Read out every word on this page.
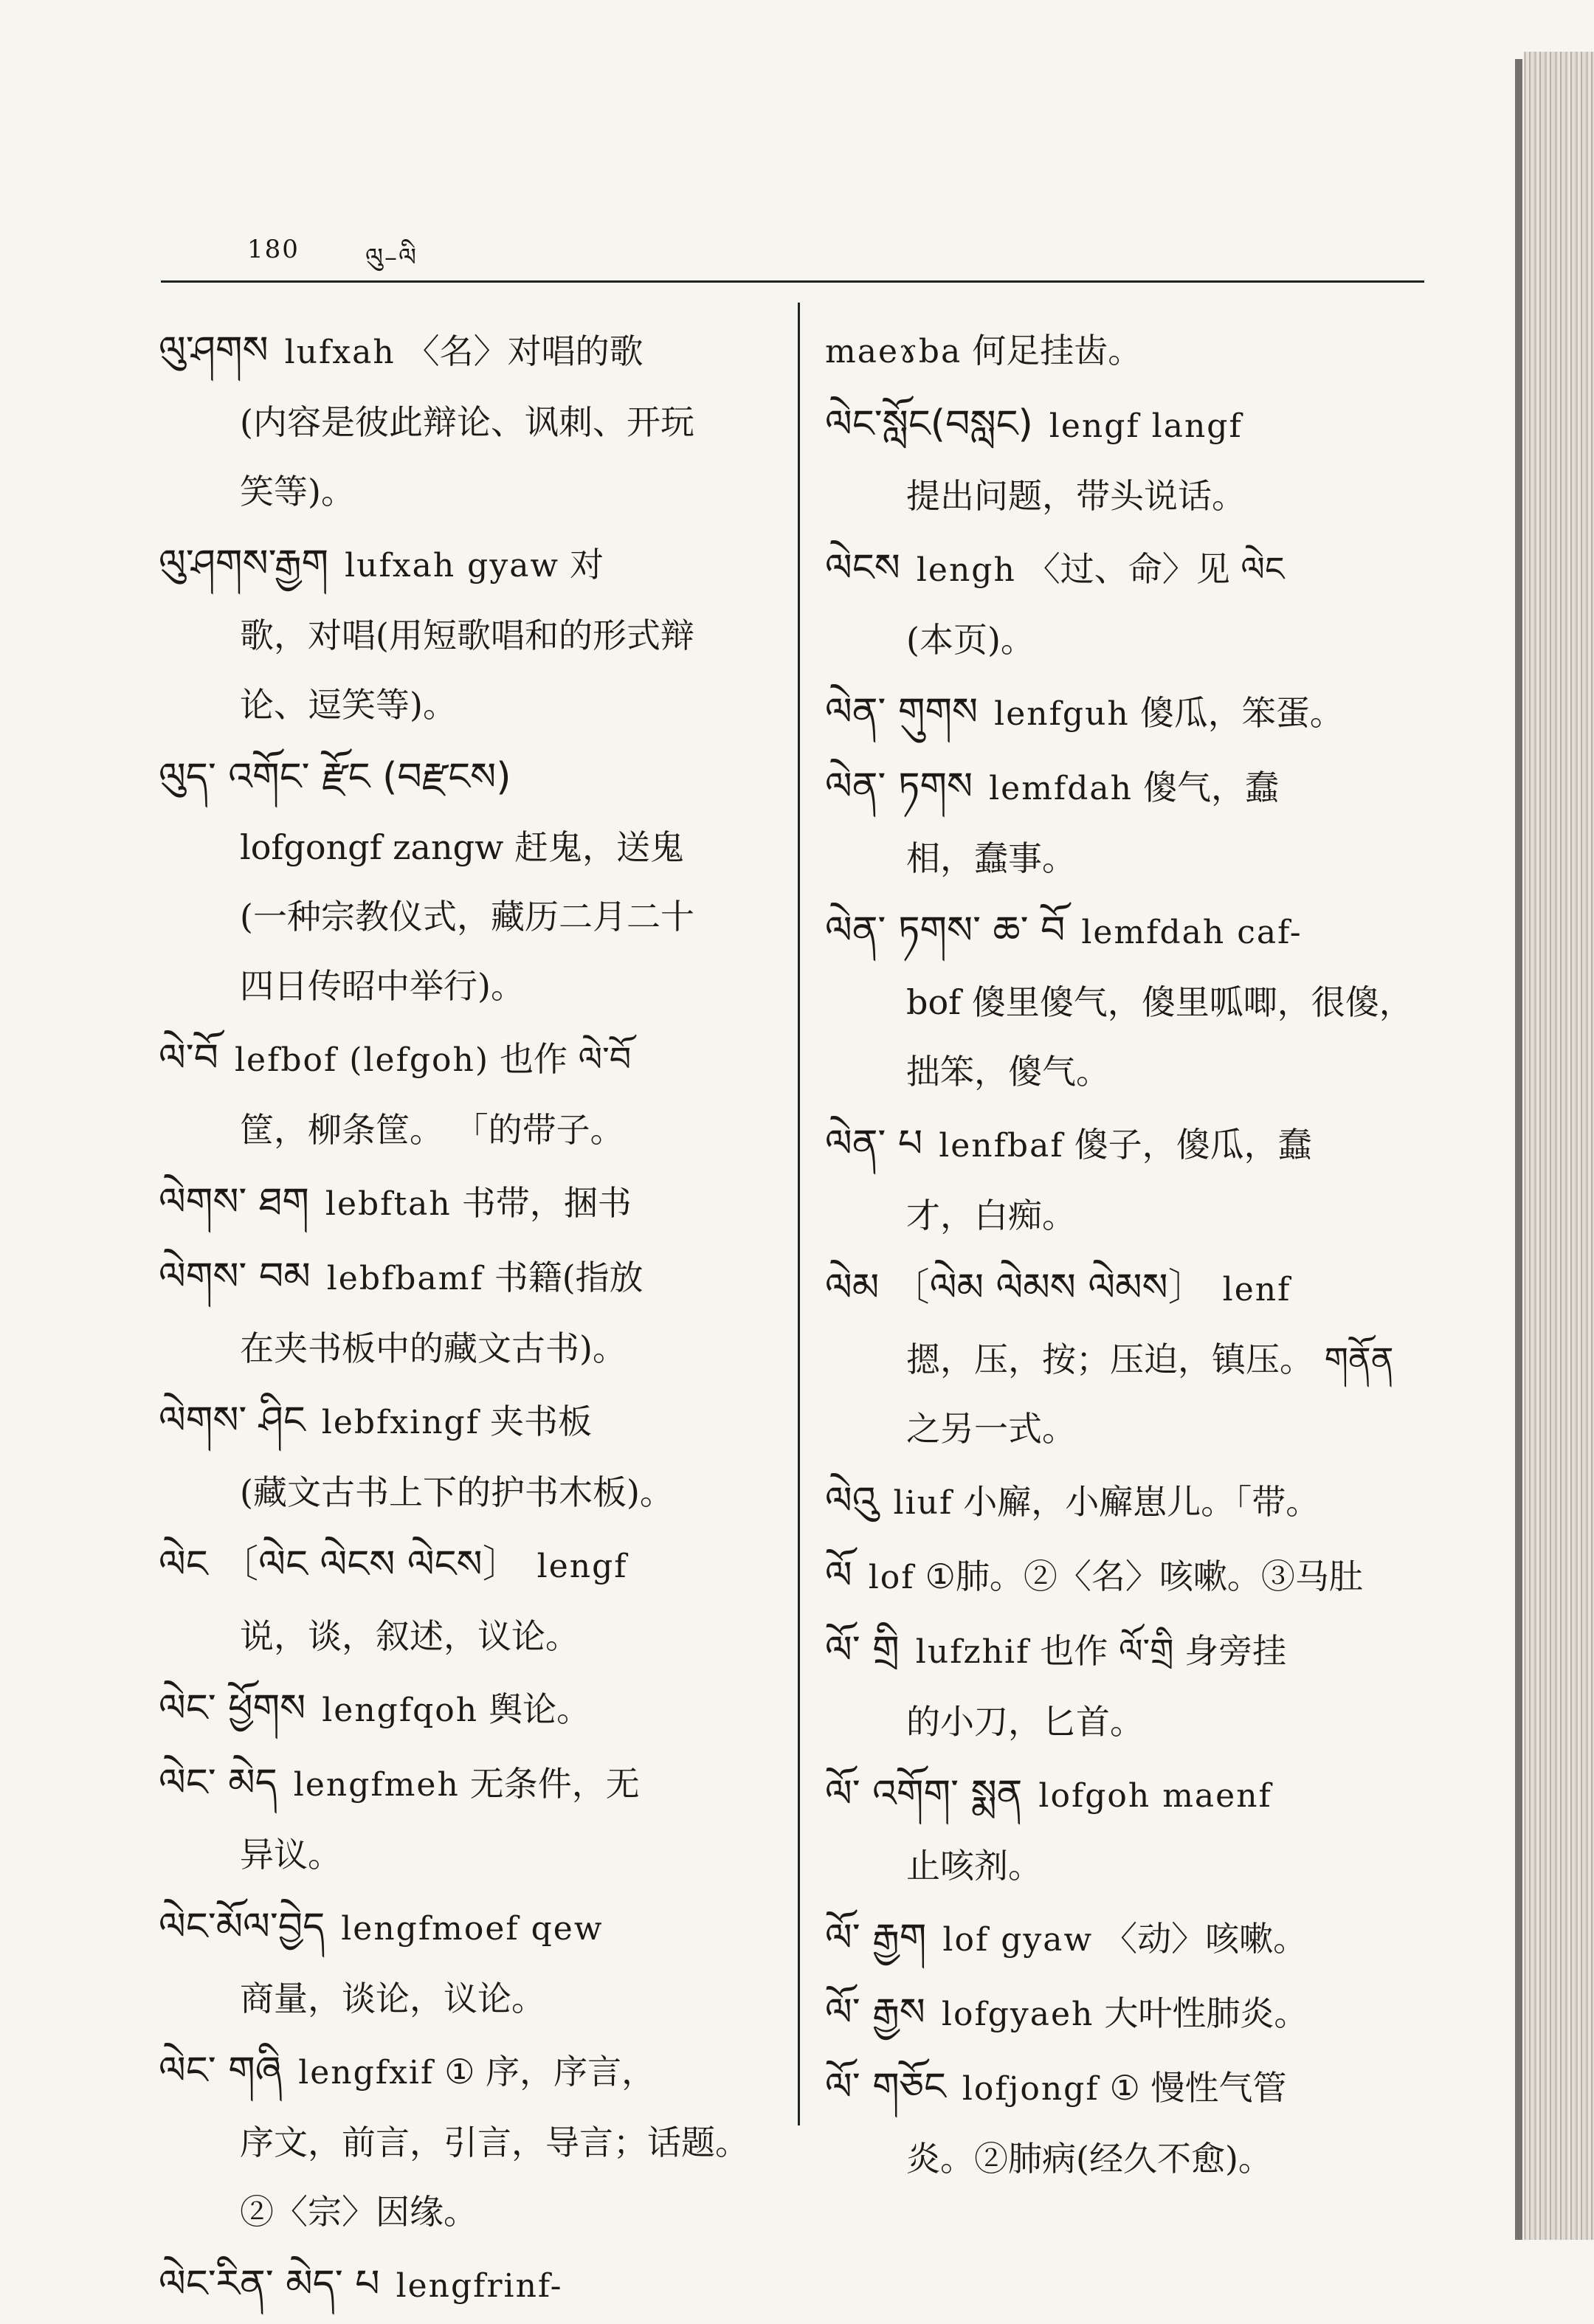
180	ལུ–ལི
ལུ་ཤགས lufxah 〈名〉对唱的歌
(内容是彼此辩论、讽刺、开玩
笑等)。
ལུ་ཤགས་རྒྱག lufxah gyaw 对
歌，对唱(用短歌唱和的形式辩
论、逗笑等)。
ལུད་ འགོང་ རྫོང (བརྫངས)
lofgongf zangw 赶鬼，送鬼
(一种宗教仪式，藏历二月二十
四日传昭中举行)。
ལེ་བོ lefbof (lefgoh) 也作 ལེ་བོ
筐，柳条筐。 「的带子。
ལེགས་ ཐག lebftah 书带，捆书
ལེགས་ བམ lebfbamf 书籍(指放
在夹书板中的藏文古书)。
ལེགས་ ཤིང lebfxingf 夹书板
(藏文古书上下的护书木板)。
ལེང 〔ལེང ལེངས ལེངས〕 lengf
说，谈，叙述，议论。
ལེང་ ཕྱོགས lengfqoh 舆论。
ལེང་ མེད lengfmeh 无条件，无
异议。
ལེང་མོལ་བྱེད lengfmoef qew
商量，谈论，议论。
ལེང་ གཞི lengfxif ① 序，序言，
序文，前言，引言，导言；话题。
②〈宗〉因缘。
ལེང་རིན་ མེད་ པ lengfrinf-
maeɤba 何足挂齿。
ལེང་སློང(བསླང) lengf langf
提出问题，带头说话。
ལེངས lengh 〈过、命〉见 ལེང
(本页)。
ལེན་ གུགས lenfguh 傻瓜，笨蛋。
ལེན་ ཏགས lemfdah 傻气，蠢
相，蠢事。
ལེན་ ཏགས་ ཆ་ བོ lemfdah caf-
bof 傻里傻气，傻里呱唧，很傻，
拙笨，傻气。
ལེན་ པ lenfbaf 傻子，傻瓜，蠢
才，白痴。
ལེམ 〔ལེམ ལེམས ལེམས〕 lenf
摁，压，按；压迫，镇压。 གནོན
之另一式。
ལེའུ liuf 小廨，小廨崽儿。「带。
ལོ lof ①肺。②〈名〉咳嗽。③马肚
ལོ་ གྲི lufzhif 也作 ལོ་གྲི 身旁挂
的小刀，匕首。
ལོ་ འགོག་ སྨན lofgoh maenf
止咳剂。
ལོ་ རྒྱག lof gyaw 〈动〉咳嗽。
ལོ་ རྒྱས lofgyaeh 大叶性肺炎。
ལོ་ གཅོང lofjongf ① 慢性气管
炎。②肺病(经久不愈)。
